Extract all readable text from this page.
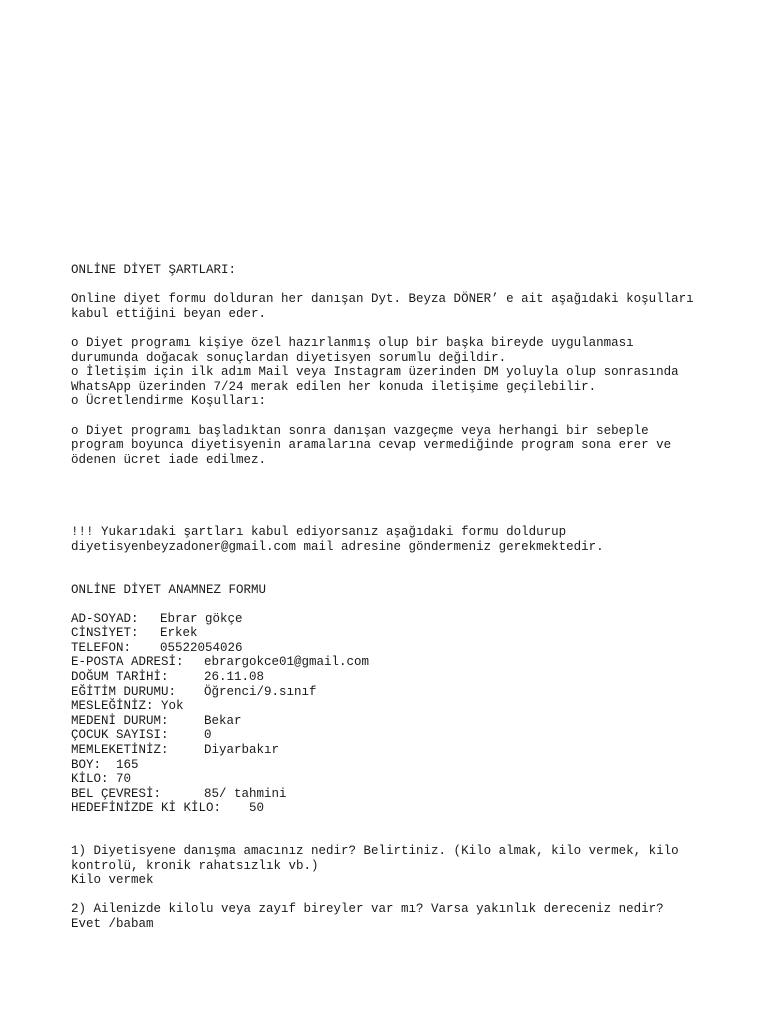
ONLİNE DİYET ŞARTLARI:
Online diyet formu dolduran her danışan Dyt. Beyza DÖNER’ e ait aşağıdaki koşulları
kabul ettiğini beyan eder.
o Diyet programı kişiye özel hazırlanmış olup bir başka bireyde uygulanması
durumunda doğacak sonuçlardan diyetisyen sorumlu değildir.
o İletişim için ilk adım Mail veya Instagram üzerinden DM yoluyla olup sonrasında
WhatsApp üzerinden 7/24 merak edilen her konuda iletişime geçilebilir.
o Ücretlendirme Koşulları:
o Diyet programı başladıktan sonra danışan vazgeçme veya herhangi bir sebeple
program boyunca diyetisyenin aramalarına cevap vermediğinde program sona erer ve
ödenen ücret iade edilmez.
!!! Yukarıdaki şartları kabul ediyorsanız aşağıdaki formu doldurup
diyetisyenbeyzadoner@gmail.com mail adresine göndermeniz gerekmektedir.
ONLİNE DİYET ANAMNEZ FORMU
AD-SOYAD: Ebrar gökçe
CİNSİYET: Erkek
TELEFON: 05522054026
E-POSTA ADRESİ: ebrargokce01@gmail.com
DOĞUM TARİHİ:	26.11.08
EĞİTİM DURUMU: Öğrenci/9.sınıf
MESLEĞİNİZ: Yok
MEDENİ DURUM:	Bekar
ÇOCUK SAYISI:	0
MEMLEKETİNİZ:	Diyarbakır
BOY: 165
KİLO: 70
BEL ÇEVRESİ:	85/ tahmini
HEDEFİNİZDE Kİ KİLO: 50
1) Diyetisyene danışma amacınız nedir? Belirtiniz. (Kilo almak, kilo vermek, kilo
kontrolü, kronik rahatsızlık vb.)
Kilo vermek
2) Ailenizde kilolu veya zayıf bireyler var mı? Varsa yakınlık dereceniz nedir?
Evet /babam
